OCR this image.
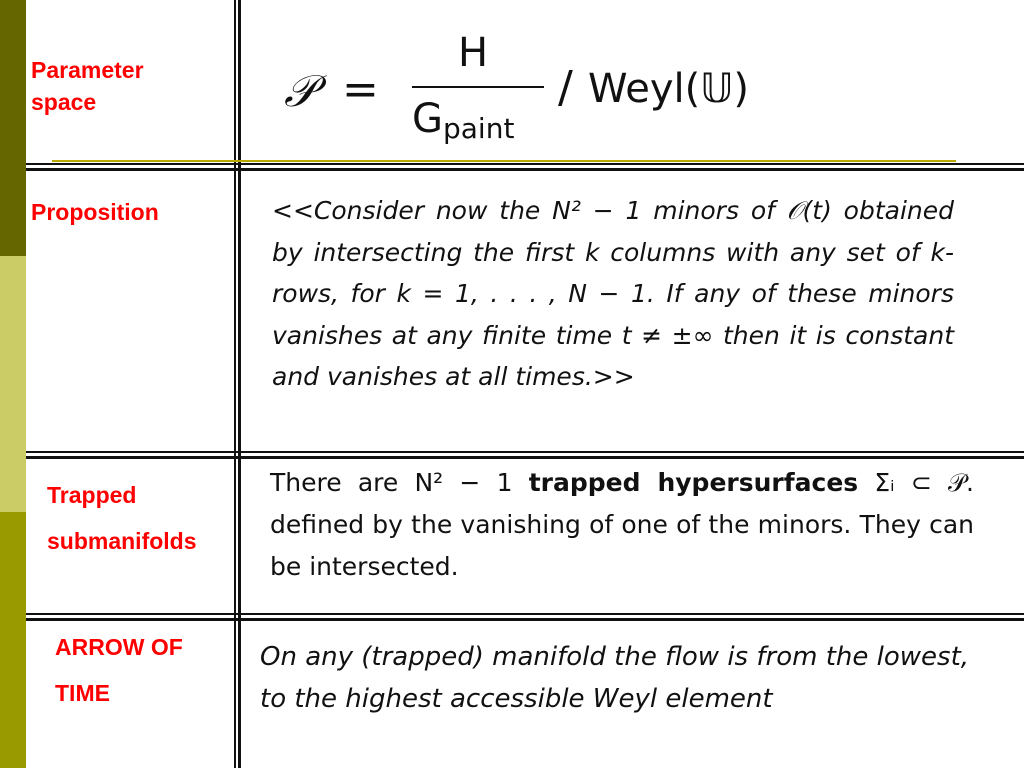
Parameter
space	𝒫 =
H
$G_{paint}$
/ Weyl(𝕌)
Proposition	<<Consider now the N² − 1 minors of 𝒪(t) obtained by intersecting the first k columns with any set of k-rows, for k = 1, . . . , N − 1. If any of these minors vanishes at any finite time t ≠ ±∞ then it is constant and vanishes at all times.>>
Trapped
submanifolds
There are N² − 1 trapped hypersurfaces Σᵢ ⊂ 𝒫. defined by the vanishing of one of the minors. They can be intersected.
ARROW OF
TIME
On any (trapped) manifold the flow is from the lowest, to the highest accessible Weyl element
